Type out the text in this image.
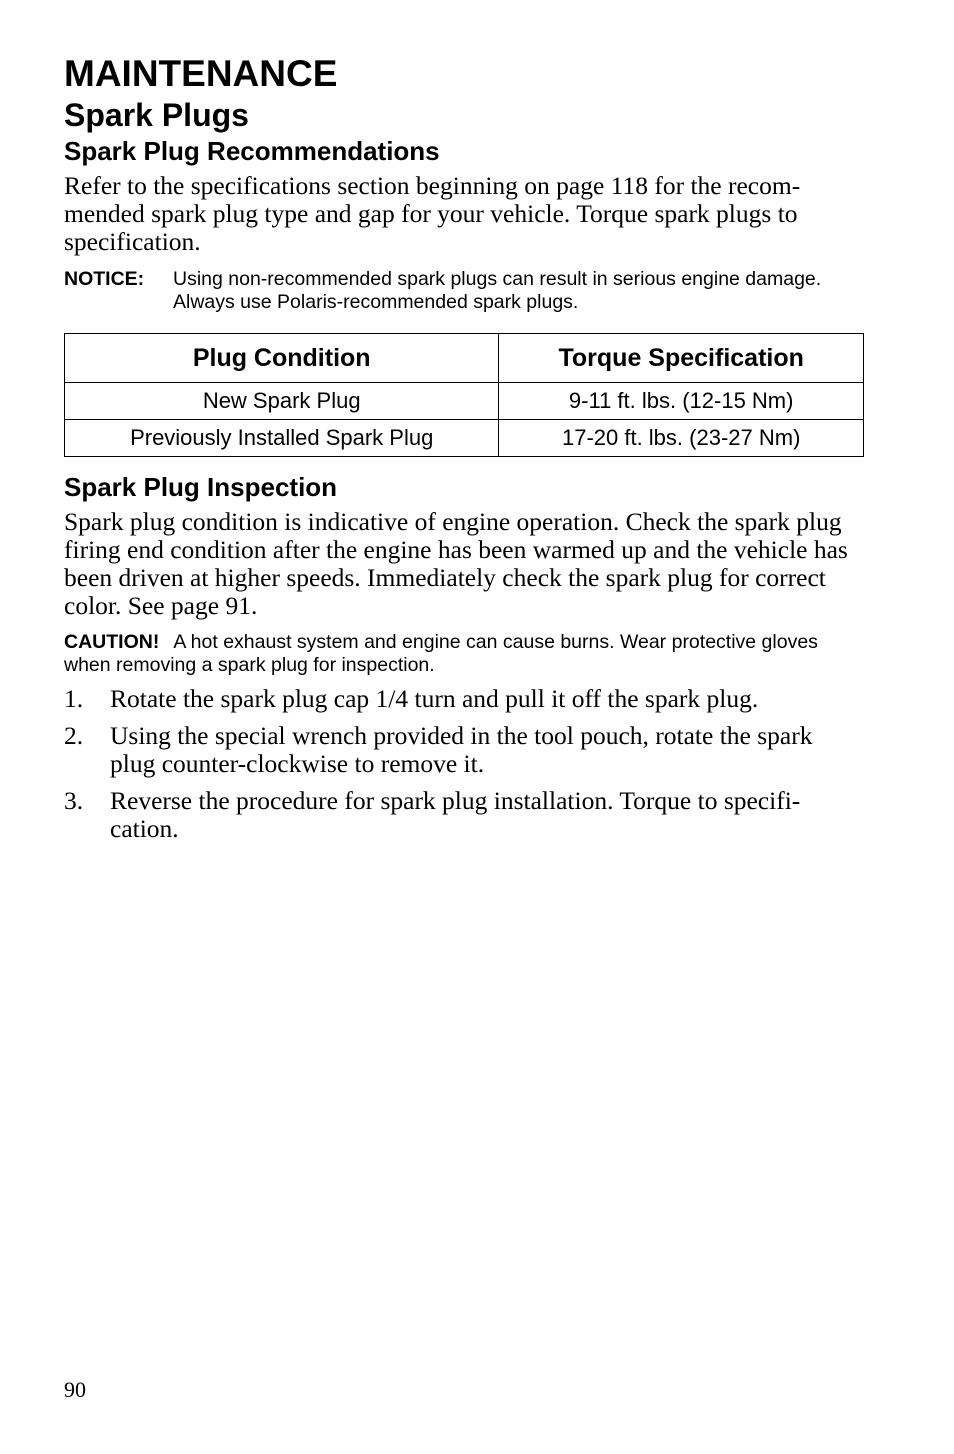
MAINTENANCE
Spark Plugs
Spark Plug Recommendations

Refer to the specifications section beginning on page 118 for the recom-mended spark plug type and gap for your vehicle. Torque spark plugs to specification.

NOTICE:	Using non-recommended spark plugs can result in serious engine damage. Always use Polaris-recommended spark plugs.
Plug Condition	Torque Specification
New Spark Plug	9-11 ft. lbs. (12-15 Nm)
Previously Installed Spark Plug	17-20 ft. lbs. (23-27 Nm)
Spark Plug Inspection

Spark plug condition is indicative of engine operation. Check the spark plug firing end condition after the engine has been warmed up and the vehicle has been driven at higher speeds. Immediately check the spark plug for correct color. See page 91.

CAUTION! A hot exhaust system and engine can cause burns. Wear protective gloves when removing a spark plug for inspection.
1.	Rotate the spark plug cap 1/4 turn and pull it off the spark plug.
2.	Using the special wrench provided in the tool pouch, rotate the spark plug counter-clockwise to remove it.
3.	Reverse the procedure for spark plug installation. Torque to specifi-cation.
90
